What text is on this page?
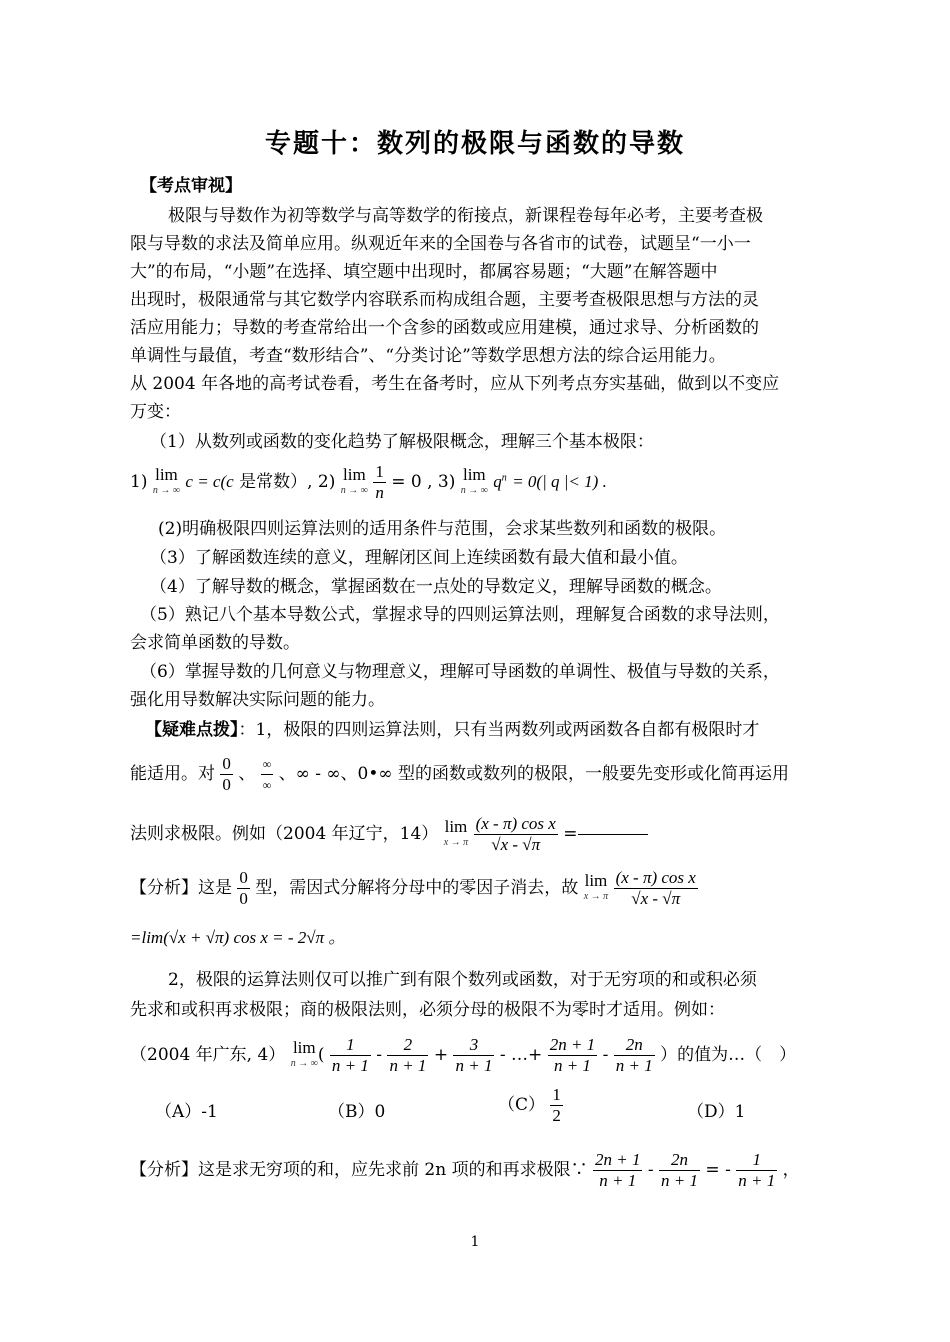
专题十：数列的极限与函数的导数
【考点审视】
极限与导数作为初等数学与高等数学的衔接点，新课程卷每年必考，主要考查极
限与导数的求法及简单应用。纵观近年来的全国卷与各省市的试卷，试题呈“一小一
大”的布局，“小题”在选择、填空题中出现时，都属容易题；“大题”在解答题中
出现时，极限通常与其它数学内容联系而构成组合题，主要考查极限思想与方法的灵
活应用能力；导数的考查常给出一个含参的函数或应用建模，通过求导、分析函数的
单调性与最值，考查“数形结合”、“分类讨论”等数学思想方法的综合运用能力。
从 2004 年各地的高考试卷看，考生在备考时，应从下列考点夯实基础，做到以不变应
万变：
（1）从数列或函数的变化趋势了解极限概念，理解三个基本极限：
1) lim
n → ∞ c = c(c 是常数）, 2) lim
n → ∞
$\frac{1}{n} = 0$ , 3) lim
n → ∞ $q^n = 0(|$ q |< 1) .
(2)明确极限四则运算法则的适用条件与范围，会求某些数列和函数的极限。
（3）了解函数连续的意义，理解闭区间上连续函数有最大值和最小值。
（4）了解导数的概念，掌握函数在一点处的导数定义，理解导函数的概念。
（5）熟记八个基本导数公式，掌握求导的四则运算法则，理解复合函数的求导法则，
会求简单函数的导数。
（6）掌握导数的几何意义与物理意义，理解可导函数的单调性、极值与导数的关系，
强化用导数解决实际问题的能力。
【疑难点拨】：1，极限的四则运算法则，只有当两数列或两函数各自都有极限时才
能适用。对 $\frac{0}{0}$ 、 $\frac{\infty}{\infty}$ 、∞ - ∞、0•∞ 型的函数或数列的极限，一般要先变形或化简再运用
法则求极限。例如（2004 年辽宁，14） lim
x → π
$\frac{\text{(x - π) cos x}}{√x - √\pi}$ =
【分析】这是 $\frac{0}{0}$ 型，需因式分解将分母中的零因子消去，故 lim
x → π
$\frac{\text{(x - π) cos x}}{√x - √\pi}$
=lim(√x + √π) cos x = - 2√π 。
2，极限的运算法则仅可以推广到有限个数列或函数，对于无穷项的和或积必须
先求和或积再求极限；商的极限法则，必须分母的极限不为零时才适用。例如：
（2004 年广东, 4） lim
n → ∞ ( $\frac{1}{n + 1} - \frac{2}{n + 1} + \frac{3}{n + 1}$ - …+ $\frac{2n + 1}{n + 1} - \frac{2n}{n + 1}$ ）的值为…（　）
（A）-1	（B）0	$(C) \frac{1}{2}$	（D）1
【分析】这是求无穷项的和，应先求前 2n 项的和再求极限∵ $\frac{2n + 1}{n + 1} - \frac{2n}{n + 1}$ = - $\frac{1}{n + 1}$ ，
1
